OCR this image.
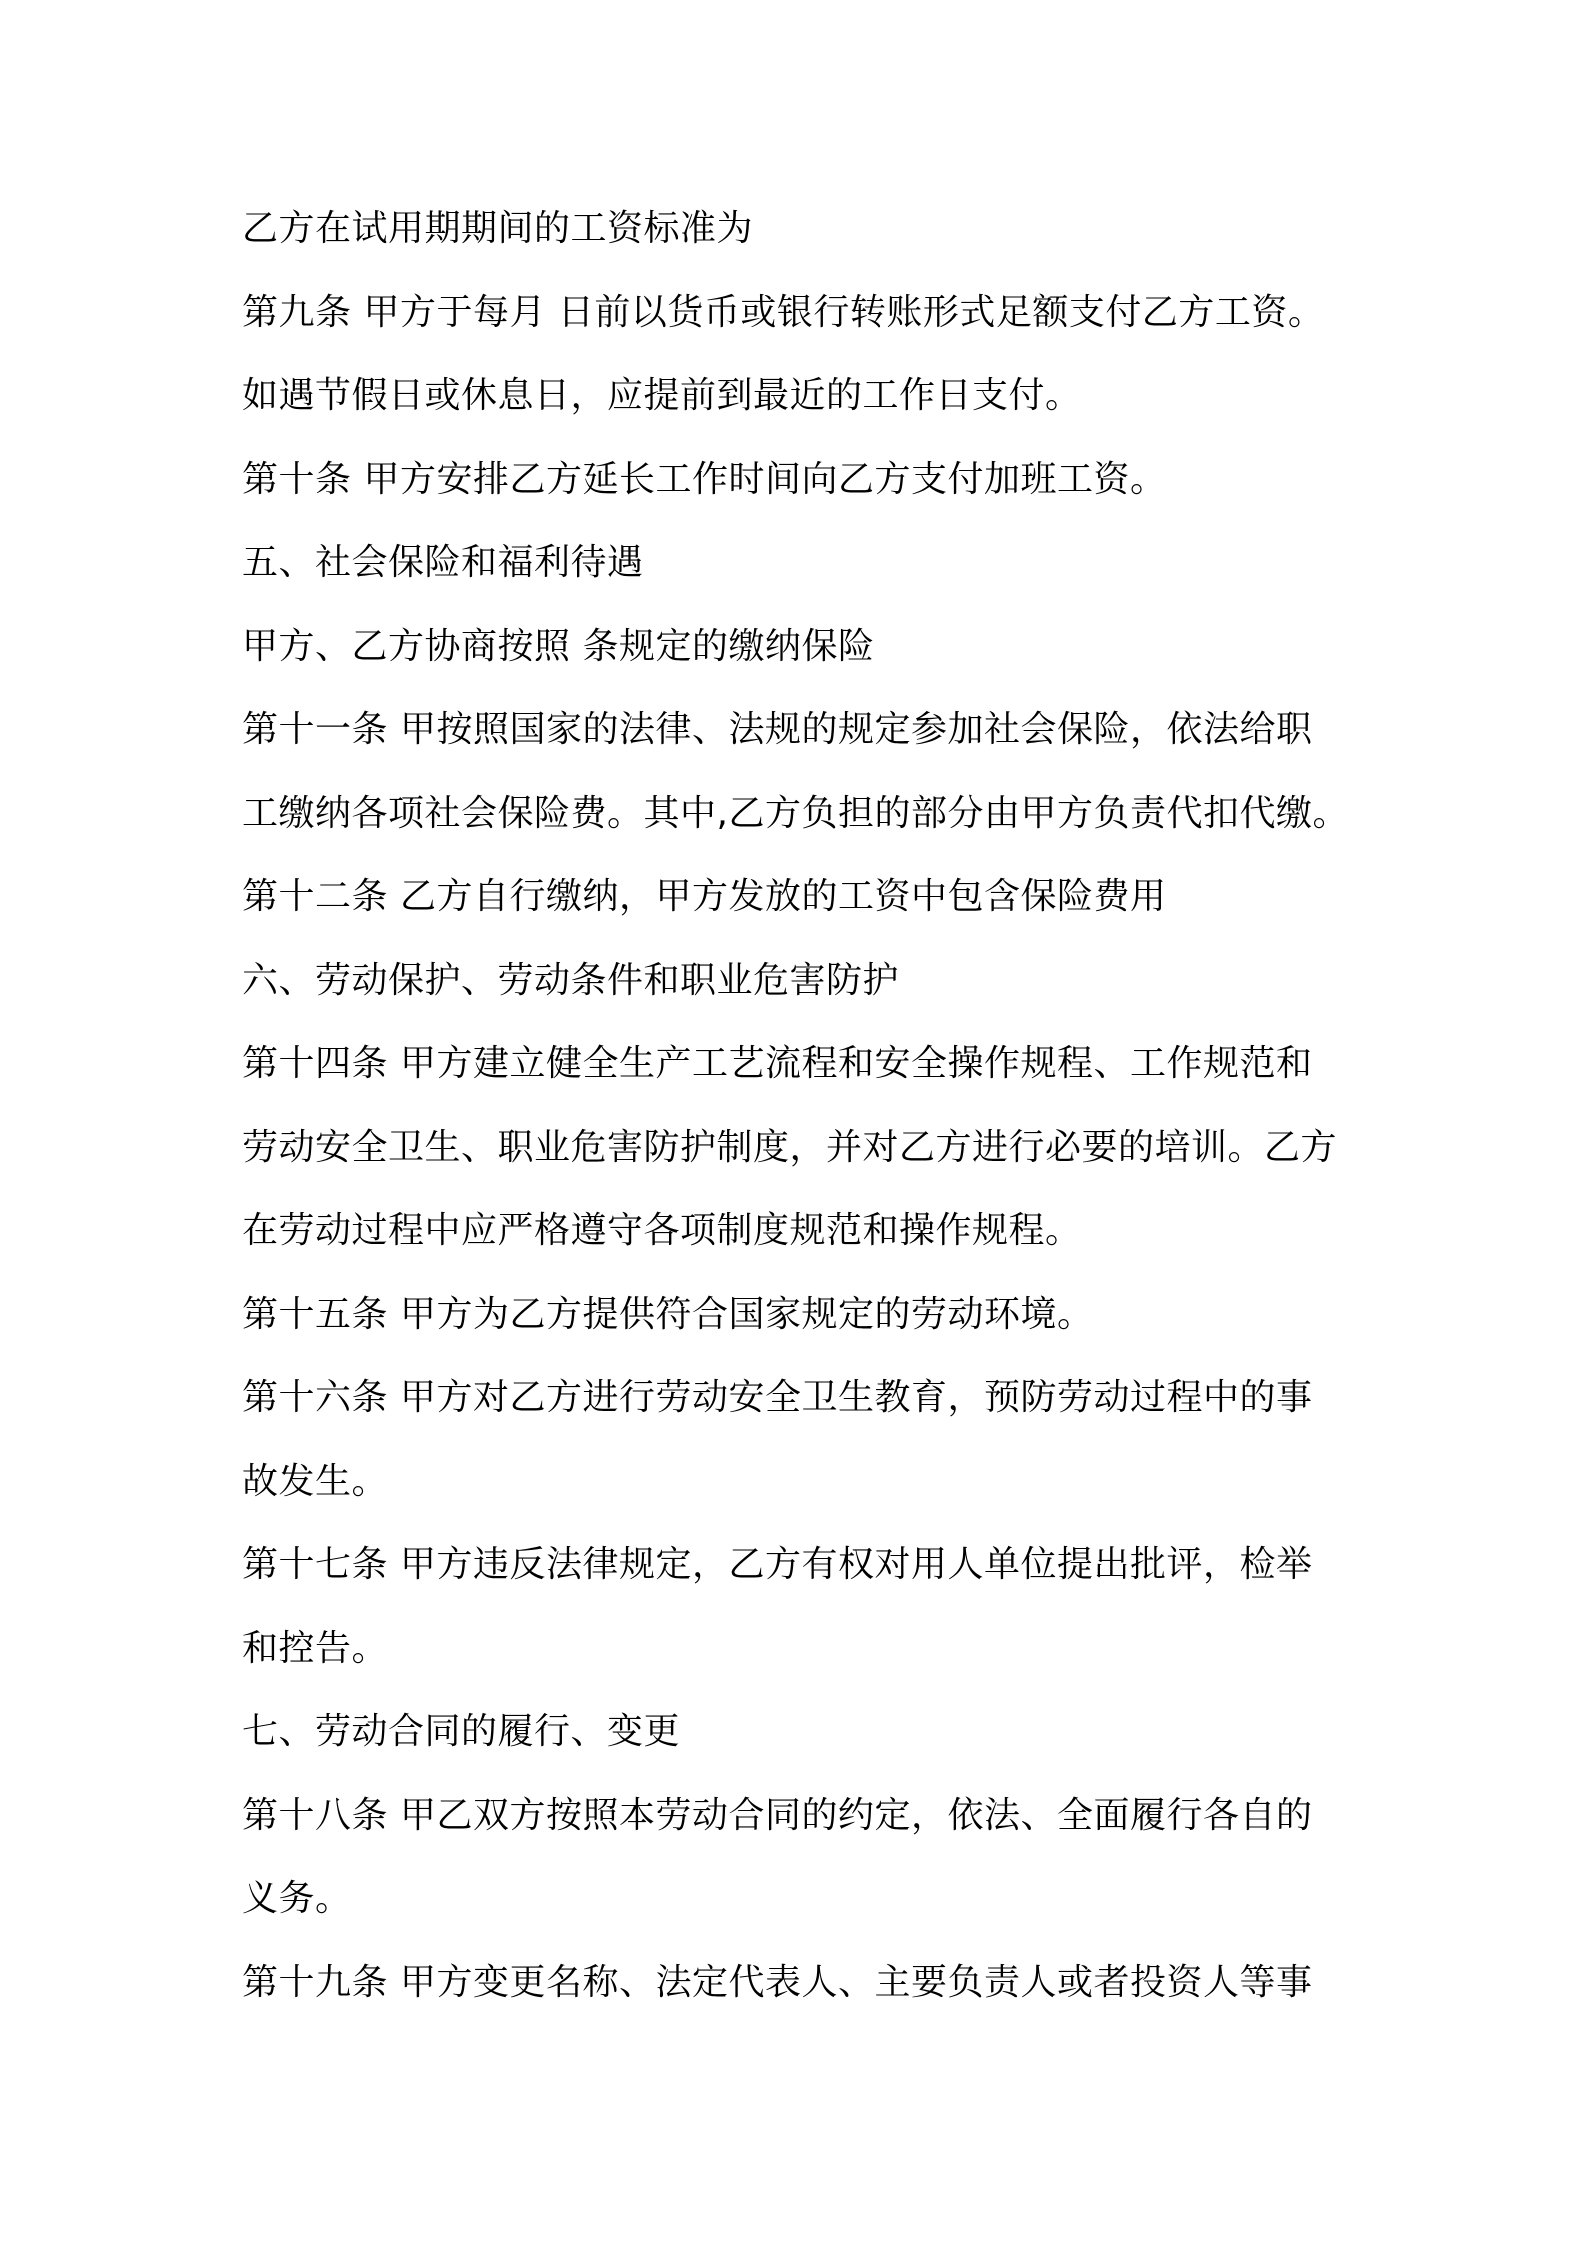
乙方在试用期期间的工资标准为
第九条 甲方于每月 日前以货币或银行转账形式足额支付乙方工资。
如遇节假日或休息日，应提前到最近的工作日支付。
第十条 甲方安排乙方延长工作时间向乙方支付加班工资。
五、社会保险和福利待遇
甲方、乙方协商按照 条规定的缴纳保险
第十一条 甲按照国家的法律、法规的规定参加社会保险，依法给职
工缴纳各项社会保险费。其中,乙方负担的部分由甲方负责代扣代缴。
第十二条 乙方自行缴纳，甲方发放的工资中包含保险费用
六、劳动保护、劳动条件和职业危害防护
第十四条 甲方建立健全生产工艺流程和安全操作规程、工作规范和
劳动安全卫生、职业危害防护制度，并对乙方进行必要的培训。乙方
在劳动过程中应严格遵守各项制度规范和操作规程。
第十五条 甲方为乙方提供符合国家规定的劳动环境。
第十六条 甲方对乙方进行劳动安全卫生教育，预防劳动过程中的事
故发生。
第十七条 甲方违反法律规定，乙方有权对用人单位提出批评，检举
和控告。
七、劳动合同的履行、变更
第十八条 甲乙双方按照本劳动合同的约定，依法、全面履行各自的
义务。
第十九条 甲方变更名称、法定代表人、主要负责人或者投资人等事
